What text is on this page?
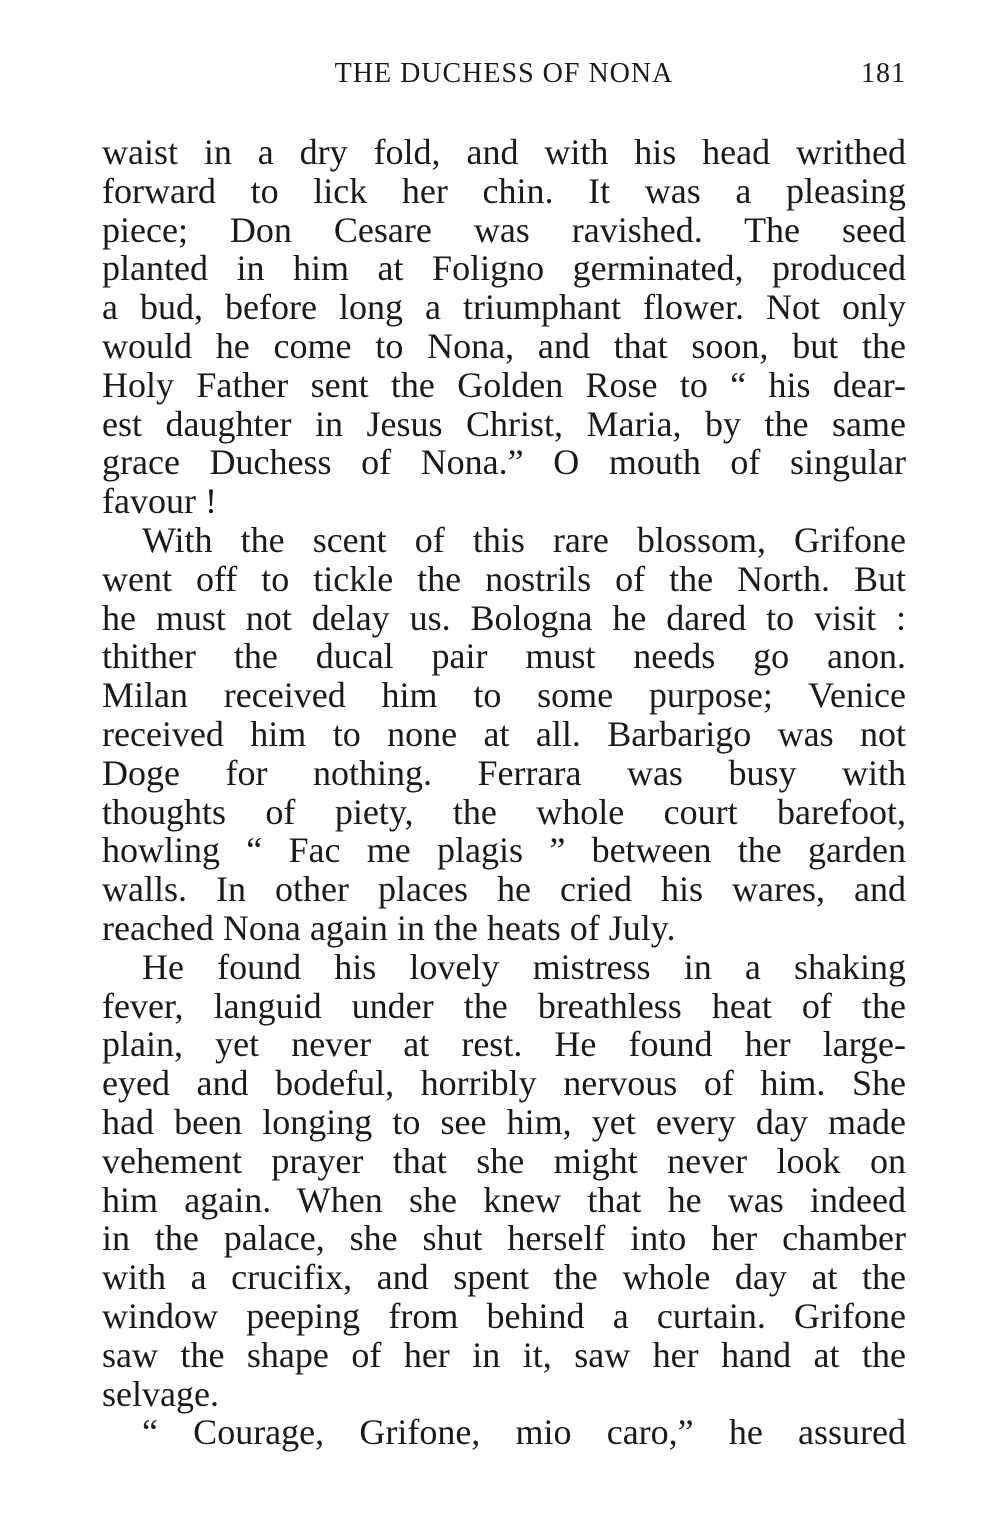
THE DUCHESS OF NONA	181
waist in a dry fold, and with his head writhed
forward to lick her chin. It was a pleasing
piece; Don Cesare was ravished. The seed
planted in him at Foligno germinated, produced
a bud, before long a triumphant flower. Not only
would he come to Nona, and that soon, but the
Holy Father sent the Golden Rose to “ his dear-
est daughter in Jesus Christ, Maria, by the same
grace Duchess of Nona.” O mouth of singular
favour !
With the scent of this rare blossom, Grifone
went off to tickle the nostrils of the North. But
he must not delay us. Bologna he dared to visit :
thither the ducal pair must needs go anon.
Milan received him to some purpose; Venice
received him to none at all. Barbarigo was not
Doge for nothing. Ferrara was busy with
thoughts of piety, the whole court barefoot,
howling “ Fac me plagis ” between the garden
walls. In other places he cried his wares, and
reached Nona again in the heats of July.
He found his lovely mistress in a shaking
fever, languid under the breathless heat of the
plain, yet never at rest. He found her large-
eyed and bodeful, horribly nervous of him. She
had been longing to see him, yet every day made
vehement prayer that she might never look on
him again. When she knew that he was indeed
in the palace, she shut herself into her chamber
with a crucifix, and spent the whole day at the
window peeping from behind a curtain. Grifone
saw the shape of her in it, saw her hand at the
selvage.
“ Courage, Grifone, mio caro,” he assured
